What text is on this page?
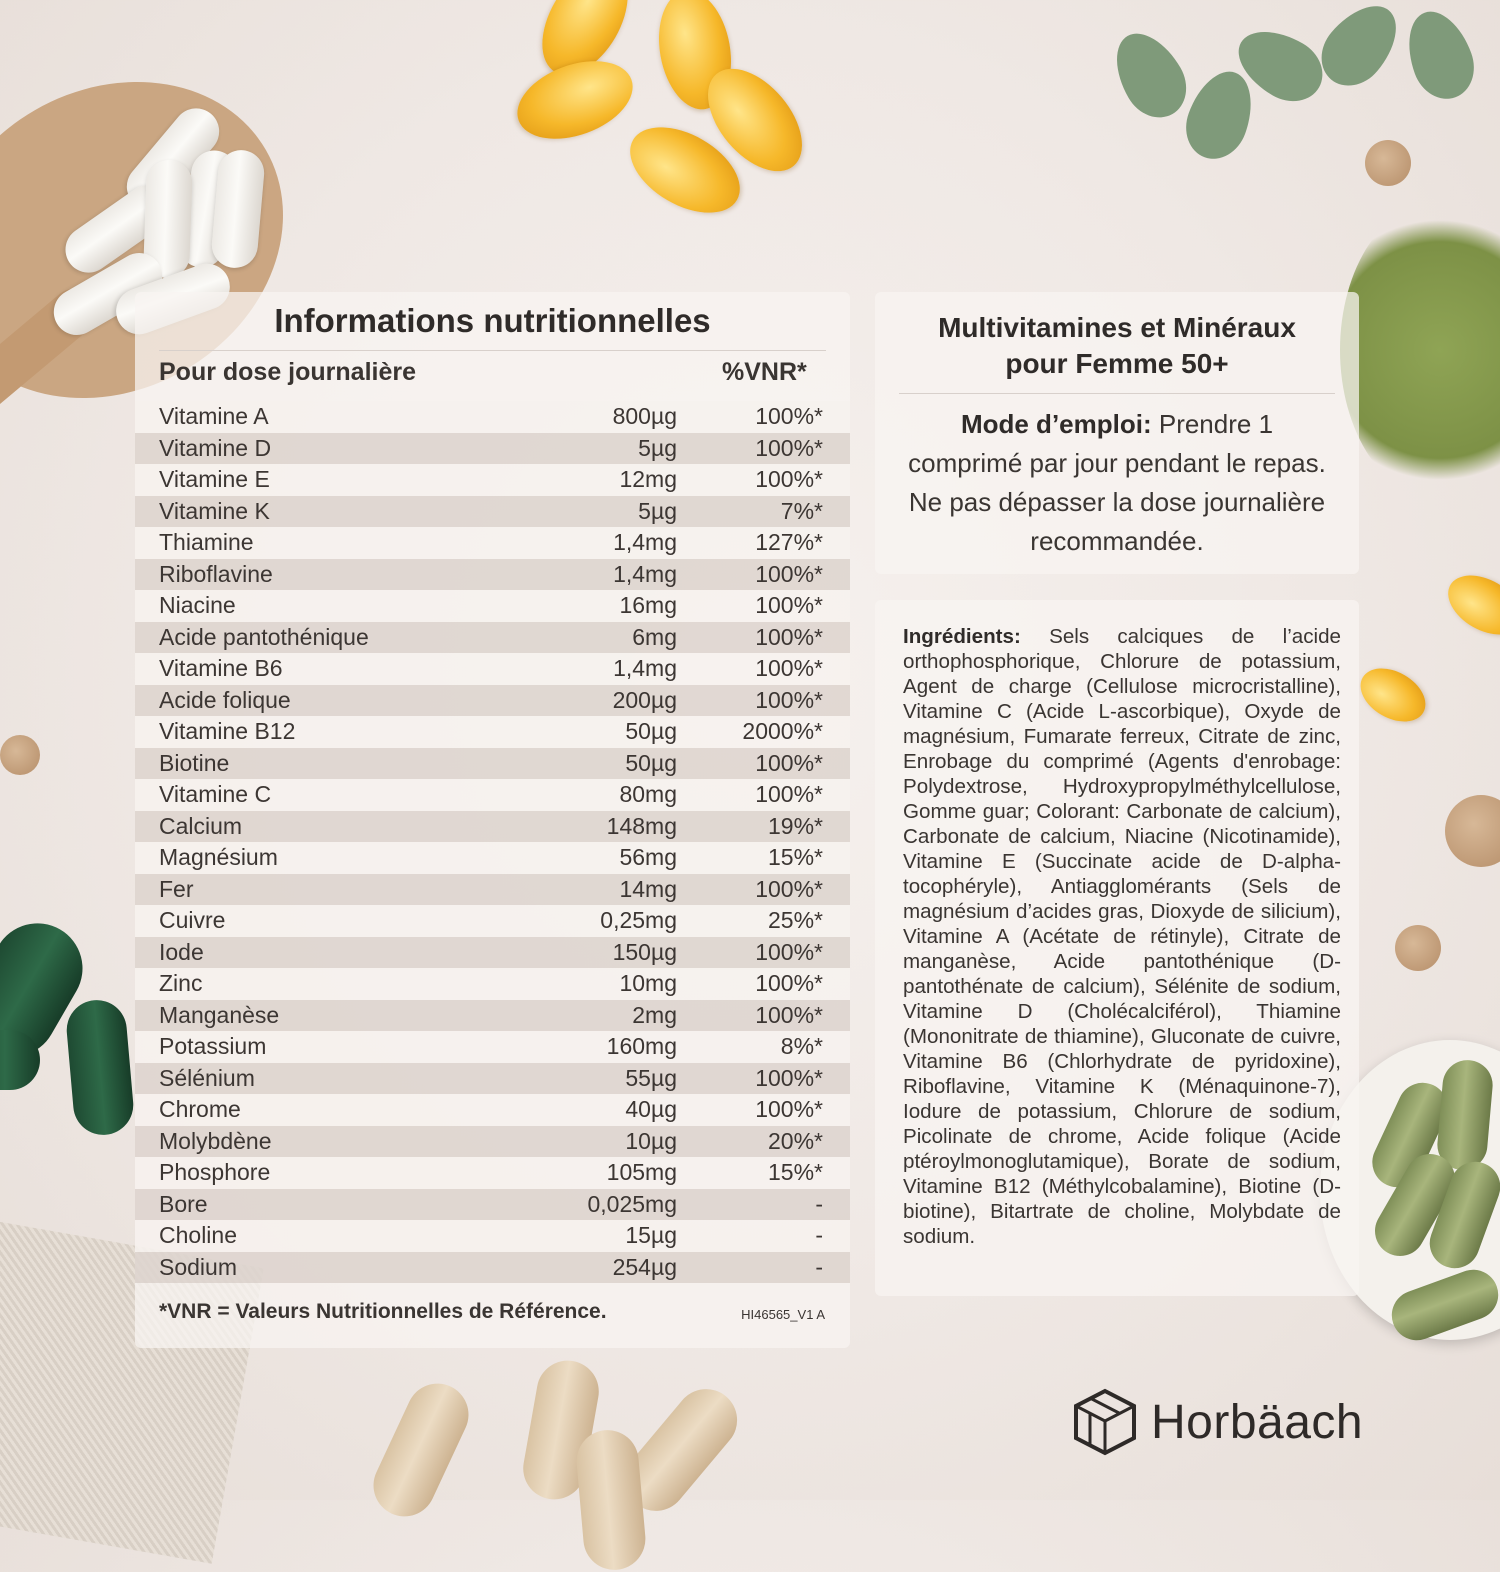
Informations nutritionnelles
Pour dose journalière	%VNR*
Vitamine A	800µg	100%*
Vitamine D	5µg	100%*
Vitamine E	12mg	100%*
Vitamine K	5µg	7%*
Thiamine	1,4mg	127%*
Riboflavine	1,4mg	100%*
Niacine	16mg	100%*
Acide pantothénique	6mg	100%*
Vitamine B6	1,4mg	100%*
Acide folique	200µg	100%*
Vitamine B12	50µg	2000%*
Biotine	50µg	100%*
Vitamine C	80mg	100%*
Calcium	148mg	19%*
Magnésium	56mg	15%*
Fer	14mg	100%*
Cuivre	0,25mg	25%*
Iode	150µg	100%*
Zinc	10mg	100%*
Manganèse	2mg	100%*
Potassium	160mg	8%*
Sélénium	55µg	100%*
Chrome	40µg	100%*
Molybdène	10µg	20%*
Phosphore	105mg	15%*
Bore	0,025mg	-
Choline	15µg	-
Sodium	254µg	-
*VNR = Valeurs Nutritionnelles de Référence.	HI46565_V1 A
Multivitamines et Minéraux
pour Femme 50+
Mode d’emploi: Prendre 1 comprimé par jour pendant le repas. Ne pas dépasser la dose journalière recommandée.
Ingrédients: Sels calciques de l’acide orthophosphorique, Chlorure de potassium, Agent de charge (Cellulose microcristalline), Vitamine C (Acide L-ascorbique), Oxyde de magnésium, Fumarate ferreux, Citrate de zinc, Enrobage du comprimé (Agents d'enrobage: Polydextrose, Hydroxypropylméthylcellulose, Gomme guar; Colorant: Carbonate de calcium), Carbonate de calcium, Niacine (Nicotinamide), Vitamine E (Succinate acide de D-alpha-tocophéryle), Antiagglomérants (Sels de magnésium d’acides gras, Dioxyde de silicium), Vitamine A (Acétate de rétinyle), Citrate de manganèse, Acide pantothénique (D-pantothénate de calcium), Sélénite de sodium, Vitamine D (Cholécalciférol), Thiamine (Mononitrate de thiamine), Gluconate de cuivre, Vitamine B6 (Chlorhydrate de pyridoxine), Riboflavine, Vitamine K (Ménaquinone-7), Iodure de potassium, Chlorure de sodium, Picolinate de chrome, Acide folique (Acide ptéroylmonoglutamique), Borate de sodium, Vitamine B12 (Méthylcobalamine), Biotine (D-biotine), Bitartrate de choline, Molybdate de sodium.
Horbäach
